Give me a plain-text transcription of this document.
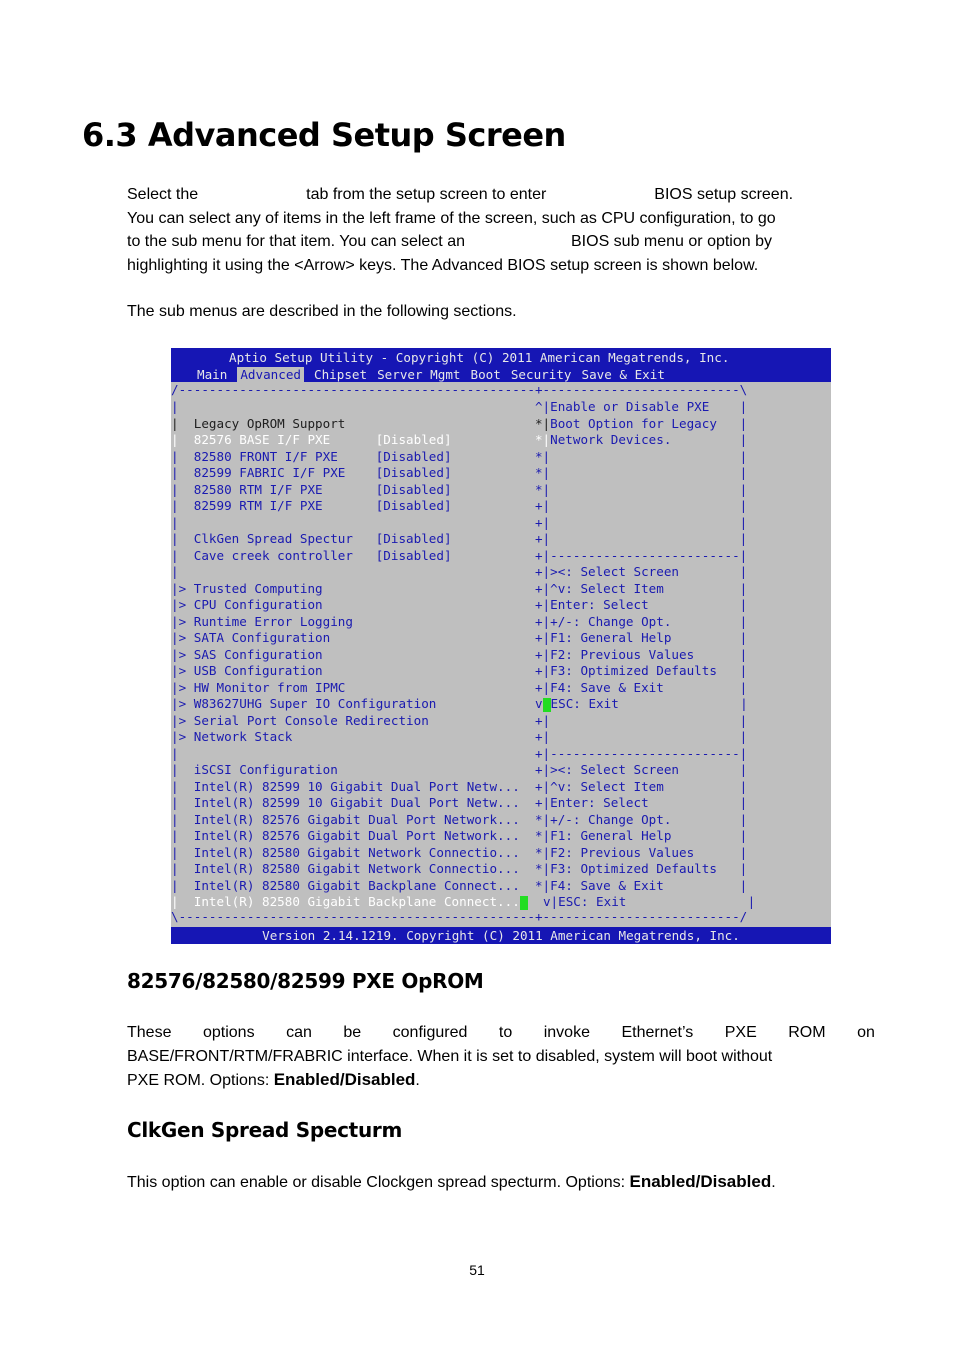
6.3 Advanced Setup Screen
Select the	tab from the setup screen to enter	BIOS setup screen.
You can select any of items in the left frame of the screen, such as CPU configuration, to go
to the sub menu for that item. You can select an	BIOS sub menu or option by
highlighting it using the <Arrow> keys. The Advanced BIOS setup screen is shown below.
The sub menus are described in the following sections.
Aptio Setup Utility - Copyright (C) 2011 American Megatrends, Inc.
Main Advanced Chipset Server Mgmt Boot Security Save & Exit
/-----------------------------------------------+--------------------------\
|                                               ^|Enable or Disable PXE    |
|  Legacy OpROM Support                         *|Boot Option for Legacy   |
|  82576 BASE I/F PXE      [Disabled]           *|Network Devices.         |
|  82580 FRONT I/F PXE     [Disabled]           *|                         |
|  82599 FABRIC I/F PXE    [Disabled]           *|                         |
|  82580 RTM I/F PXE       [Disabled]           *|                         |
|  82599 RTM I/F PXE       [Disabled]           +|                         |
|                                               +|                         |
|  ClkGen Spread Spectur   [Disabled]           +|                         |
|  Cave creek controller   [Disabled]           +|-------------------------|
|                                               +|><: Select Screen        |
|> Trusted Computing                            +|^v: Select Item          |
|> CPU Configuration                            +|Enter: Select            |
|> Runtime Error Logging                        +|+/-: Change Opt.         |
|> SATA Configuration                           +|F1: General Help         |
|> SAS Configuration                            +|F2: Previous Values      |
|> USB Configuration                            +|F3: Optimized Defaults   |
|> HW Monitor from IPMC                         +|F4: Save & Exit          |
|> W83627UHG Super IO Configuration             v ESC: Exit                |
|> Serial Port Console Redirection              +|                         |
|> Network Stack                                +|                         |
|                                               +|-------------------------|
|  iSCSI Configuration                          +|><: Select Screen        |
|  Intel(R) 82599 10 Gigabit Dual Port Netw...  +|^v: Select Item          |
|  Intel(R) 82599 10 Gigabit Dual Port Netw...  +|Enter: Select            |
|  Intel(R) 82576 Gigabit Dual Port Network...  *|+/-: Change Opt.         |
|  Intel(R) 82576 Gigabit Dual Port Network...  *|F1: General Help         |
|  Intel(R) 82580 Gigabit Network Connectio...  *|F2: Previous Values      |
|  Intel(R) 82580 Gigabit Network Connectio...  *|F3: Optimized Defaults   |
|  Intel(R) 82580 Gigabit Backplane Connect...  *|F4: Save & Exit          |
|  Intel(R) 82580 Gigabit Backplane Connect...  v|ESC: Exit                |
\-----------------------------------------------+--------------------------/
Version 2.14.1219. Copyright (C) 2011 American Megatrends, Inc.
82576/82580/82599 PXE OpROM
These options can be configured to invoke Ethernet’s PXE ROM on
BASE/FRONT/RTM/FRABRIC interface. When it is set to disabled, system will boot without
PXE ROM. Options: Enabled/Disabled.
ClkGen Spread Specturm
This option can enable or disable Clockgen spread specturm. Options: Enabled/Disabled.
51
